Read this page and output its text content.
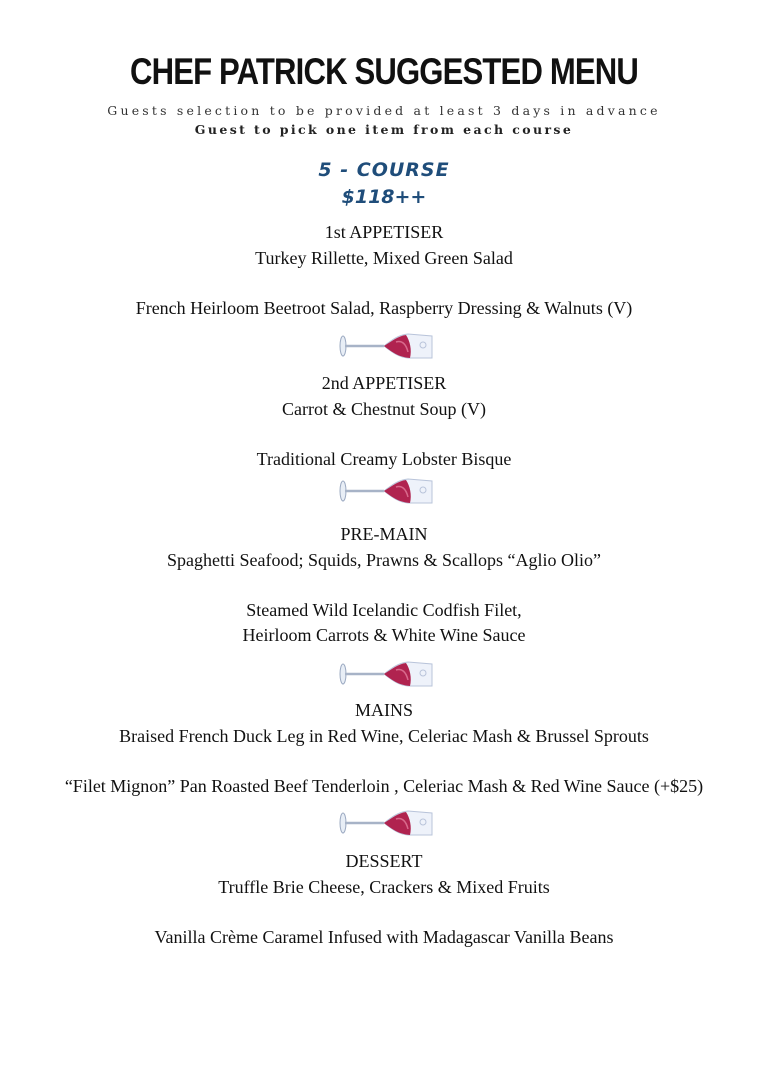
CHEF PATRICK SUGGESTED MENU
Guests selection to be provided at least 3 days in advance
Guest to pick one item from each course
5 - COURSE
$118++
1st APPETISER
Turkey Rillette, Mixed Green Salad
French Heirloom Beetroot Salad, Raspberry Dressing & Walnuts (V)
2nd APPETISER
Carrot & Chestnut Soup (V)
Traditional Creamy Lobster Bisque
PRE-MAIN
Spaghetti Seafood; Squids, Prawns & Scallops “Aglio Olio”
Steamed Wild Icelandic Codfish Filet,
Heirloom Carrots & White Wine Sauce
MAINS
Braised French Duck Leg in Red Wine, Celeriac Mash & Brussel Sprouts
“Filet Mignon” Pan Roasted Beef Tenderloin , Celeriac Mash & Red Wine Sauce (+$25)
DESSERT
Truffle Brie Cheese, Crackers & Mixed Fruits
Vanilla Crème Caramel Infused with Madagascar Vanilla Beans
